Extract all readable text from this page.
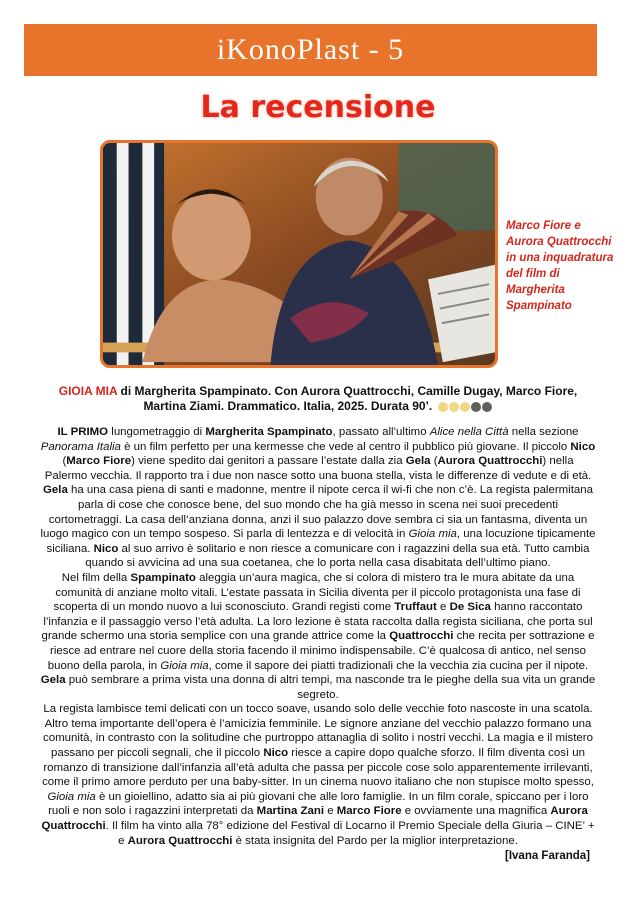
iKonoPlast - 5
La recensione
Marco Fiore e Aurora Quattrocchi in una inquadratura del film di Margherita Spampinato
GIOIA MIA di Margherita Spampinato. Con Aurora Quattrocchi, Camille Dugay, Marco Fiore, Martina Ziami. Drammatico. Italia, 2025. Durata 90’.

IL PRIMO lungometraggio di Margherita Spampinato, passato all’ultimo Alice nella Città nella sezione Panorama Italia è un film perfetto per una kermesse che vede al centro il pubblico più giovane. Il piccolo Nico (Marco Fiore) viene spedito dai genitori a passare l’estate dalla zia Gela (Aurora Quattrocchi) nella Palermo vecchia. Il rapporto tra i due non nasce sotto una buona stella, vista le differenze di vedute e di età. Gela ha una casa piena di santi e madonne, mentre il nipote cerca il wi-fi che non c’è. La regista palermitana parla di cose che conosce bene, del suo mondo che ha già messo in scena nei suoi precedenti cortometraggi. La casa dell’anziana donna, anzi il suo palazzo dove sembra ci sia un fantasma, diventa un luogo magico con un tempo sospeso. Si parla di lentezza e di velocità in Gioia mia, una locuzione tipicamente siciliana. Nico al suo arrivo è solitario e non riesce a comunicare con i ragazzini della sua età. Tutto cambia quando si avvicina ad una sua coetanea, che lo porta nella casa disabitata dell’ultimo piano.

Nel film della Spampinato aleggia un’aura magica, che si colora di mistero tra le mura abitate da una comunità di anziane molto vitali. L’estate passata in Sicilia diventa per il piccolo protagonista una fase di scoperta di un mondo nuovo a lui sconosciuto. Grandi registi come Truffaut e De Sica hanno raccontato l’infanzia e il passaggio verso l’età adulta. La loro lezione è stata raccolta dalla regista siciliana, che porta sul grande schermo una storia semplice con una grande attrice come la Quattrocchi che recita per sottrazione e riesce ad entrare nel cuore della storia facendo il minimo indispensabile. C’è qualcosa di antico, nel senso buono della parola, in Gioia mia, come il sapore dei piatti tradizionali che la vecchia zia cucina per il nipote. Gela può sembrare a prima vista una donna di altri tempi, ma nasconde tra le pieghe della sua vita un grande segreto.

La regista lambisce temi delicati con un tocco soave, usando solo delle vecchie foto nascoste in una scatola. Altro tema importante dell’opera è l’amicizia femminile. Le signore anziane del vecchio palazzo formano una comunità, in contrasto con la solitudine che purtroppo attanaglia di solito i nostri vecchi. La magia e il mistero passano per piccoli segnali, che il piccolo Nico riesce a capire dopo qualche sforzo. Il film diventa così un romanzo di transizione dall’infanzia all’età adulta che passa per piccole cose solo apparentemente irrilevanti, come il primo amore perduto per una baby-sitter. In un cinema nuovo italiano che non stupisce molto spesso, Gioia mia è un gioiellino, adatto sia ai più giovani che alle loro famiglie. In un film corale, spiccano per i loro ruoli e non solo i ragazzini interpretati da Martina Zani e Marco Fiore e ovviamente una magnifica Aurora Quattrocchi. Il film ha vinto alla 78° edizione del Festival di Locarno il Premio Speciale della Giuria – CINE’ + e Aurora Quattrocchi è stata insignita del Pardo per la miglior interpretazione.

[Ivana Faranda]
